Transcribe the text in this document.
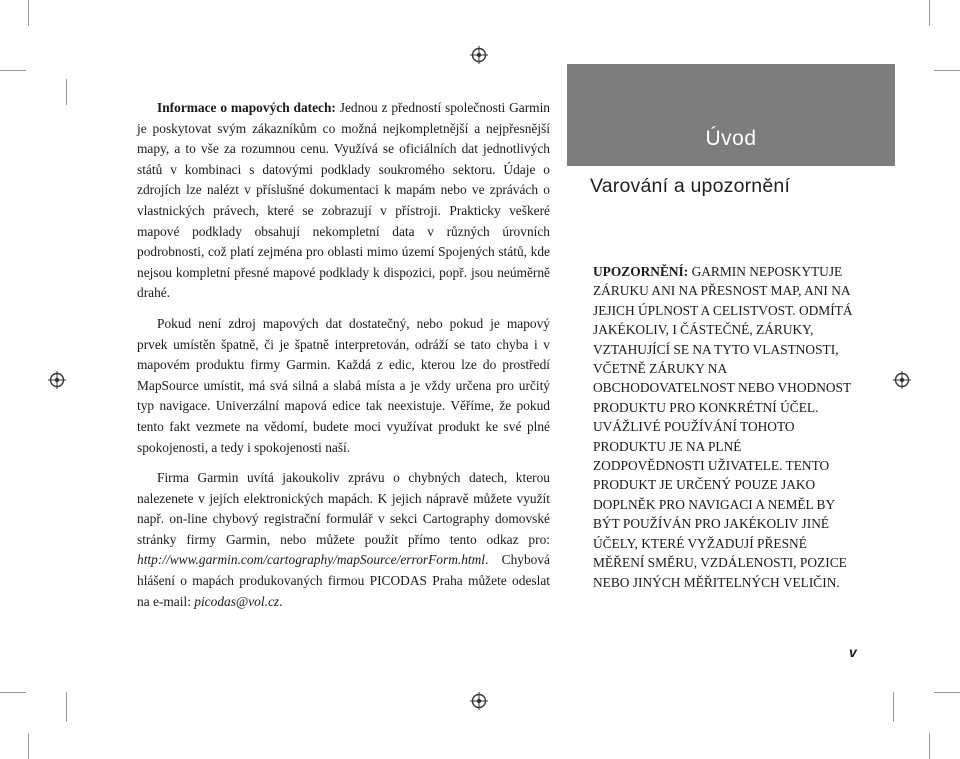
Informace o mapových datech: Jednou z předností společnosti Garmin je poskytovat svým zákazníkům co možná nejkompletnější a nejpřesnější mapy, a to vše za rozumnou cenu. Využívá se oficiálních dat jednotlivých států v kombinaci s datovými podklady soukromého sektoru. Údaje o zdrojích lze nalézt v příslušné dokumentaci k mapám nebo ve zprávách o vlastnických právech, které se zobrazují v přístroji. Prakticky veškeré mapové podklady obsahují nekompletní data v různých úrovních podrobnosti, což platí zejména pro oblasti mimo území Spojených států, kde nejsou kompletní přesné mapové podklady k dispozici, popř. jsou neúměrně drahé.

Pokud není zdroj mapových dat dostatečný, nebo pokud je mapový prvek umístěn špatně, či je špatně interpretován, odráží se tato chyba i v mapovém produktu firmy Garmin. Každá z edic, kterou lze do prostředí MapSource umístit, má svá silná a slabá místa a je vždy určena pro určitý typ navigace. Univerzální mapová edice tak neexistuje. Věříme, že pokud tento fakt vezmete na vědomí, budete moci využívat produkt ke své plné spokojenosti, a tedy i spokojenosti naší.

Firma Garmin uvítá jakoukoliv zprávu o chybných datech, kterou nalezenete v jejích elektronických mapách. K jejich nápravě můžete využít např. on-line chybový registrační formulář v sekci Cartography domovské stránky firmy Garmin, nebo můžete použít přímo tento odkaz pro: http://www.garmin.com/cartography/mapSource/errorForm.html. Chybová hlášení o mapách produkovaných firmou PICODAS Praha můžete odeslat na e-mail: picodas@vol.cz.

Úvod
Varování a upozornění
UPOZORNĚNÍ: GARMIN NEPOSKYTUJE ZÁRUKU ANI NA PŘESNOST MAP, ANI NA JEJICH ÚPLNOST A CELISTVOST. ODMÍTÁ JAKÉKOLIV, I ČÁSTEČNÉ, ZÁRUKY, VZTAHUJÍCÍ SE NA TYTO VLASTNOSTI, VČETNĚ ZÁRUKY NA OBCHODOVATELNOST NEBO VHODNOST PRODUKTU PRO KONKRÉTNÍ ÚČEL. UVÁŽLIVÉ POUŽÍVÁNÍ TOHOTO PRODUKTU JE NA PLNÉ ZODPOVĚDNOSTI UŽIVATELE. TENTO PRODUKT JE URČENÝ POUZE JAKO DOPLNĚK PRO NAVIGACI A NEMĚL BY BÝT POUŽÍVÁN PRO JAKÉKOLIV JINÉ ÚČELY, KTERÉ VYŽADUJÍ PŘESNÉ MĚŘENÍ SMĚRU, VZDÁLENOSTI, POZICE NEBO JINÝCH MĚŘITELNÝCH VELIČIN.
v
